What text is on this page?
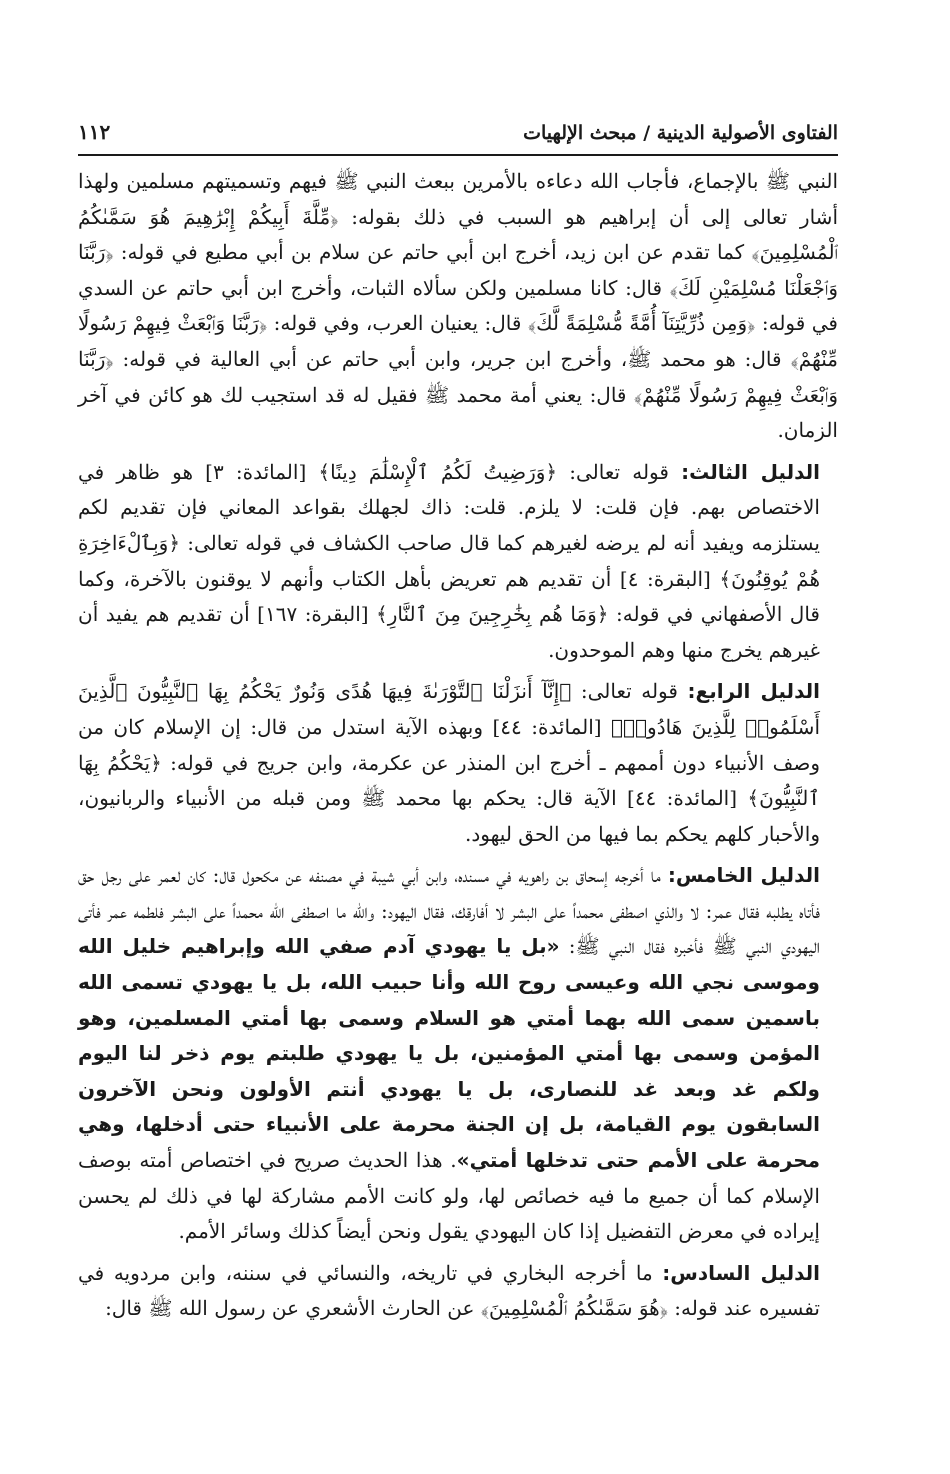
الفتاوى الأصولية الدينية / مبحث الإلهيات
١١٢

النبي ﷺ بالإجماع، فأجاب الله دعاءه بالأمرين ببعث النبي ﷺ فيهم وتسميتهم مسلمين ولهذا أشار تعالى إلى أن إبراهيم هو السبب في ذلك بقوله: ﴿مِّلَّةَ أَبِيكُمْ إِبْرَٰهِيمَ هُوَ سَمَّىٰكُمُ ٱلْمُسْلِمِينَ﴾ كما تقدم عن ابن زيد، أخرج ابن أبي حاتم عن سلام بن أبي مطيع في قوله: ﴿رَبَّنَا وَٱجْعَلْنَا مُسْلِمَيْنِ لَكَ﴾ قال: كانا مسلمين ولكن سألاه الثبات، وأخرج ابن أبي حاتم عن السدي في قوله: ﴿وَمِن ذُرِّيَّتِنَآ أُمَّةً مُّسْلِمَةً لَّكَ﴾ قال: يعنيان العرب، وفي قوله: ﴿رَبَّنَا وَٱبْعَثْ فِيهِمْ رَسُولًا مِّنْهُمْ﴾ قال: هو محمد ﷺ، وأخرج ابن جرير، وابن أبي حاتم عن أبي العالية في قوله: ﴿رَبَّنَا وَٱبْعَثْ فِيهِمْ رَسُولًا مِّنْهُمْ﴾ قال: يعني أمة محمد ﷺ فقيل له قد استجيب لك هو كائن في آخر الزمان.

الدليل الثالث: قوله تعالى: ﴿وَرَضِيتُ لَكُمُ ٱلْإِسْلَٰمَ دِينًا﴾ [المائدة: ٣] هو ظاهر في الاختصاص بهم. فإن قلت: لا يلزم. قلت: ذاك لجهلك بقواعد المعاني فإن تقديم لكم يستلزمه ويفيد أنه لم يرضه لغيرهم كما قال صاحب الكشاف في قوله تعالى: ﴿وَبِٱلْءَاخِرَةِ هُمْ يُوقِنُونَ﴾ [البقرة: ٤] أن تقديم هم تعريض بأهل الكتاب وأنهم لا يوقنون بالآخرة، وكما قال الأصفهاني في قوله: ﴿وَمَا هُم بِخَٰرِجِينَ مِنَ ٱلنَّارِ﴾ [البقرة: ١٦٧] أن تقديم هم يفيد أن غيرهم يخرج منها وهم الموحدون.

الدليل الرابع: قوله تعالى: ﴿إِنَّآ أَنزَلْنَا ٱلتَّوْرَىٰةَ فِيهَا هُدًى وَنُورٌ يَحْكُمُ بِهَا ٱلنَّبِيُّونَ ٱلَّذِينَ أَسْلَمُوا۟ لِلَّذِينَ هَادُوا۟﴾ [المائدة: ٤٤] وبهذه الآية استدل من قال: إن الإسلام كان من وصف الأنبياء دون أممهم ـ أخرج ابن المنذر عن عكرمة، وابن جريج في قوله: ﴿يَحْكُمُ بِهَا ٱلنَّبِيُّونَ﴾ [المائدة: ٤٤] الآية قال: يحكم بها محمد ﷺ ومن قبله من الأنبياء والربانيون، والأحبار كلهم يحكم بما فيها من الحق ليهود.

الدليل الخامس: ما أخرجه إسحاق بن راهويه في مسنده، وابن أبي شيبة في مصنفه عن مكحول قال: كان لعمر على رجل حق فأتاه يطلبه فقال عمر: لا والذي اصطفى محمداً على البشر لا أفارقك، فقال اليهود: والله ما اصطفى الله محمداً على البشر فلطمه عمر فأتى اليهودي النبي ﷺ فأخبره فقال النبي ﷺ: «بل يا يهودي آدم صفي الله وإبراهيم خليل الله وموسى نجي الله وعيسى روح الله وأنا حبيب الله، بل يا يهودي تسمى الله باسمين سمى الله بهما أمتي هو السلام وسمى بها أمتي المسلمين، وهو المؤمن وسمى بها أمتي المؤمنين، بل يا يهودي طلبتم يوم ذخر لنا اليوم ولكم غد وبعد غد للنصارى، بل يا يهودي أنتم الأولون ونحن الآخرون السابقون يوم القيامة، بل إن الجنة محرمة على الأنبياء حتى أدخلها، وهي محرمة على الأمم حتى تدخلها أمتي». هذا الحديث صريح في اختصاص أمته بوصف الإسلام كما أن جميع ما فيه خصائص لها، ولو كانت الأمم مشاركة لها في ذلك لم يحسن إيراده في معرض التفضيل إذا كان اليهودي يقول ونحن أيضاً كذلك وسائر الأمم.

الدليل السادس: ما أخرجه البخاري في تاريخه، والنسائي في سننه، وابن مردويه في تفسيره عند قوله: ﴿هُوَ سَمَّىٰكُمُ ٱلْمُسْلِمِينَ﴾ عن الحارث الأشعري عن رسول الله ﷺ قال:
